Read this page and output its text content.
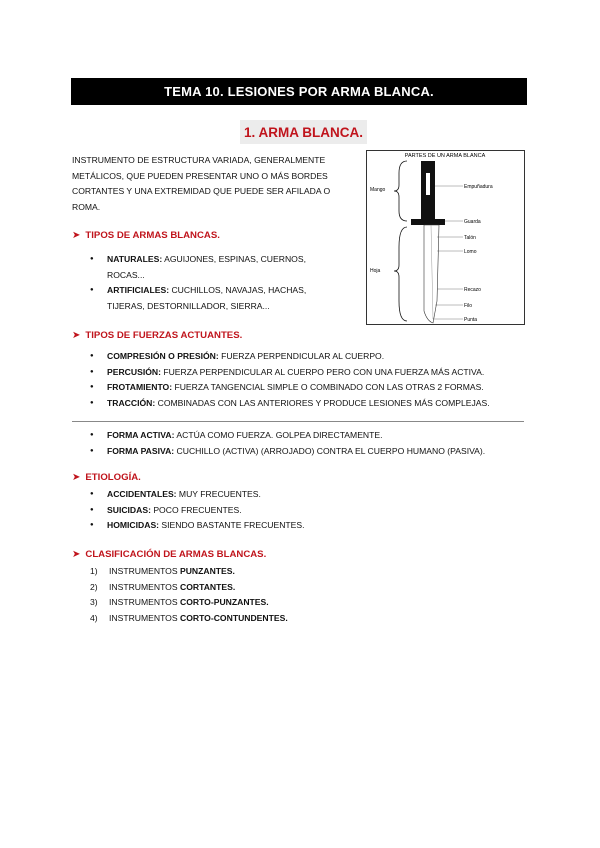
TEMA 10. LESIONES POR ARMA BLANCA.
1. ARMA BLANCA.
INSTRUMENTO DE ESTRUCTURA VARIADA, GENERALMENTE
METÁLICOS, QUE PUEDEN PRESENTAR UNO O MÁS BORDES
CORTANTES Y UNA EXTREMIDAD QUE PUEDE SER AFILADA O
ROMA.
PARTES DE UN ARMA BLANCA
Mango
Hoja
Empuñadura
Guarda
Talón
Lomo
Recazo
Filo
Punta
➤ TIPOS DE ARMAS BLANCAS.
● NATURALES: AGUIJONES, ESPINAS, CUERNOS,
ROCAS...
● ARTIFICIALES: CUCHILLOS, NAVAJAS, HACHAS,
TIJERAS, DESTORNILLADOR, SIERRA...
➤ TIPOS DE FUERZAS ACTUANTES.
● COMPRESIÓN O PRESIÓN: FUERZA PERPENDICULAR AL CUERPO.
● PERCUSIÓN: FUERZA PERPENDICULAR AL CUERPO PERO CON UNA FUERZA MÁS ACTIVA.
● FROTAMIENTO: FUERZA TANGENCIAL SIMPLE O COMBINADO CON LAS OTRAS 2 FORMAS.
● TRACCIÓN: COMBINADAS CON LAS ANTERIORES Y PRODUCE LESIONES MÁS COMPLEJAS.
● FORMA ACTIVA: ACTÚA COMO FUERZA. GOLPEA DIRECTAMENTE.
● FORMA PASIVA: CUCHILLO (ACTIVA) (ARROJADO) CONTRA EL CUERPO HUMANO (PASIVA).
➤ ETIOLOGÍA.
● ACCIDENTALES: MUY FRECUENTES.
● SUICIDAS: POCO FRECUENTES.
● HOMICIDAS: SIENDO BASTANTE FRECUENTES.
➤ CLASIFICACIÓN DE ARMAS BLANCAS.
1) INSTRUMENTOS PUNZANTES.
2) INSTRUMENTOS CORTANTES.
3) INSTRUMENTOS CORTO-PUNZANTES.
4) INSTRUMENTOS CORTO-CONTUNDENTES.
